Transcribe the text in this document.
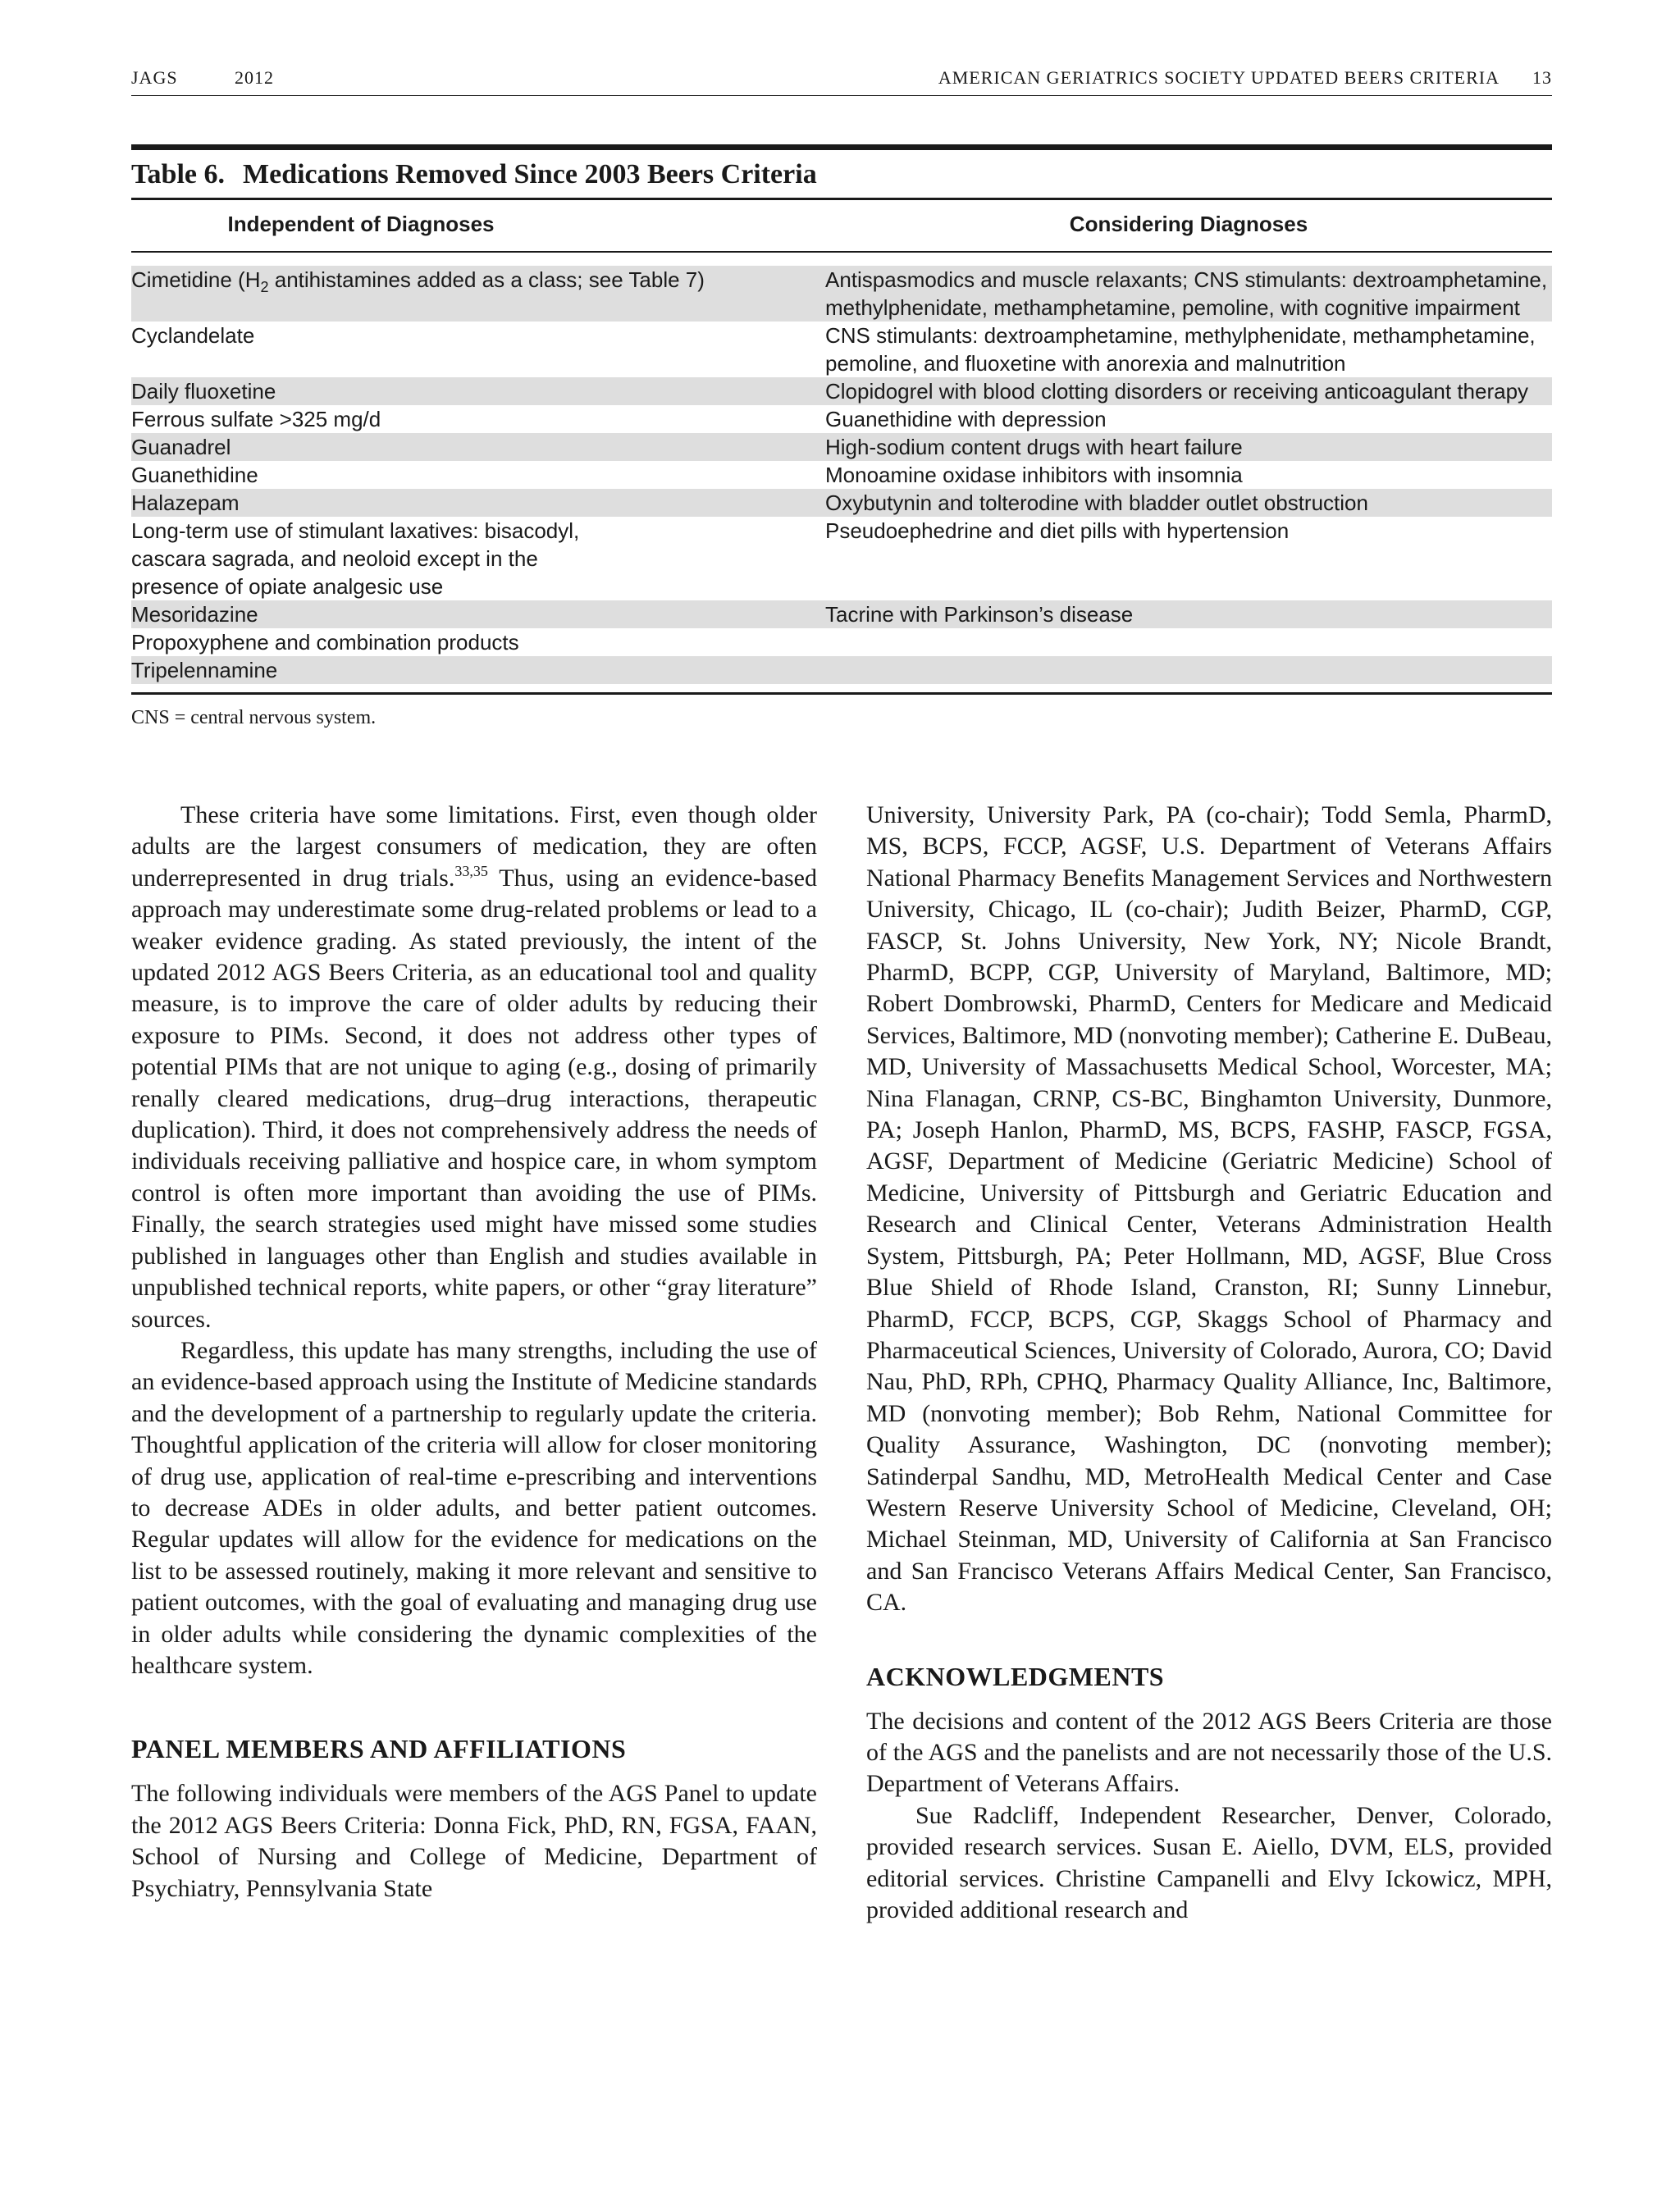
JAGS	2012	AMERICAN GERIATRICS SOCIETY UPDATED BEERS CRITERIA 13
Table 6. Medications Removed Since 2003 Beers Criteria
Independent of Diagnoses	Considering Diagnoses
Cimetidine ($H_2$ antihistamines added as a class; see Table 7)	Antispasmodics and muscle relaxants; CNS stimulants: dextroamphetamine, methylphenidate, methamphetamine, pemoline, with cognitive impairment

Cyclandelate	CNS stimulants: dextroamphetamine, methylphenidate, methamphetamine, pemoline, and fluoxetine with anorexia and malnutrition

Daily fluoxetine	Clopidogrel with blood clotting disorders or receiving anticoagulant therapy

Ferrous sulfate >325 mg/d	Guanethidine with depression

Guanadrel	High-sodium content drugs with heart failure

Guanethidine	Monoamine oxidase inhibitors with insomnia

Halazepam	Oxybutynin and tolterodine with bladder outlet obstruction

Long-term use of stimulant laxatives: bisacodyl, cascara sagrada, and neoloid except in the presence of opiate analgesic use	Pseudoephedrine and diet pills with hypertension

Mesoridazine	Tacrine with Parkinson’s disease

Propoxyphene and combination products	

Tripelennamine	

CNS = central nervous system.

These criteria have some limitations. First, even though older adults are the largest consumers of medication, they are often underrepresented in drug trials.$^{33,35}$ Thus, using an evidence-based approach may underestimate some drug-related problems or lead to a weaker evidence grading. As stated previously, the intent of the updated 2012 AGS Beers Criteria, as an educational tool and quality measure, is to improve the care of older adults by reducing their exposure to PIMs. Second, it does not address other types of potential PIMs that are not unique to aging (e.g., dosing of primarily renally cleared medications, drug–drug interactions, therapeutic duplication). Third, it does not comprehensively address the needs of individuals receiving palliative and hospice care, in whom symptom control is often more important than avoiding the use of PIMs. Finally, the search strategies used might have missed some studies published in languages other than English and studies available in unpublished technical reports, white papers, or other “gray literature” sources.

Regardless, this update has many strengths, including the use of an evidence-based approach using the Institute of Medicine standards and the development of a partnership to regularly update the criteria. Thoughtful application of the criteria will allow for closer monitoring of drug use, application of real-time e-prescribing and interventions to decrease ADEs in older adults, and better patient outcomes. Regular updates will allow for the evidence for medications on the list to be assessed routinely, making it more relevant and sensitive to patient outcomes, with the goal of evaluating and managing drug use in older adults while considering the dynamic complexities of the healthcare system.

PANEL MEMBERS AND AFFILIATIONS

The following individuals were members of the AGS Panel to update the 2012 AGS Beers Criteria: Donna Fick, PhD, RN, FGSA, FAAN, School of Nursing and College of Medicine, Department of Psychiatry, Pennsylvania State

University, University Park, PA (co-chair); Todd Semla, PharmD, MS, BCPS, FCCP, AGSF, U.S. Department of Veterans Affairs National Pharmacy Benefits Management Services and Northwestern University, Chicago, IL (co-chair); Judith Beizer, PharmD, CGP, FASCP, St. Johns University, New York, NY; Nicole Brandt, PharmD, BCPP, CGP, University of Maryland, Baltimore, MD; Robert Dombrowski, PharmD, Centers for Medicare and Medicaid Services, Baltimore, MD (nonvoting member); Catherine E. DuBeau, MD, University of Massachusetts Medical School, Worcester, MA; Nina Flanagan, CRNP, CS-BC, Binghamton University, Dunmore, PA; Joseph Hanlon, PharmD, MS, BCPS, FASHP, FASCP, FGSA, AGSF, Department of Medicine (Geriatric Medicine) School of Medicine, University of Pittsburgh and Geriatric Education and Research and Clinical Center, Veterans Administration Health System, Pittsburgh, PA; Peter Hollmann, MD, AGSF, Blue Cross Blue Shield of Rhode Island, Cranston, RI; Sunny Linnebur, PharmD, FCCP, BCPS, CGP, Skaggs School of Pharmacy and Pharmaceutical Sciences, University of Colorado, Aurora, CO; David Nau, PhD, RPh, CPHQ, Pharmacy Quality Alliance, Inc, Baltimore, MD (nonvoting member); Bob Rehm, National Committee for Quality Assurance, Washington, DC (nonvoting member); Satinderpal Sandhu, MD, MetroHealth Medical Center and Case Western Reserve University School of Medicine, Cleveland, OH; Michael Steinman, MD, University of California at San Francisco and San Francisco Veterans Affairs Medical Center, San Francisco, CA.

ACKNOWLEDGMENTS

The decisions and content of the 2012 AGS Beers Criteria are those of the AGS and the panelists and are not necessarily those of the U.S. Department of Veterans Affairs.

Sue Radcliff, Independent Researcher, Denver, Colorado, provided research services. Susan E. Aiello, DVM, ELS, provided editorial services. Christine Campanelli and Elvy Ickowicz, MPH, provided additional research and
